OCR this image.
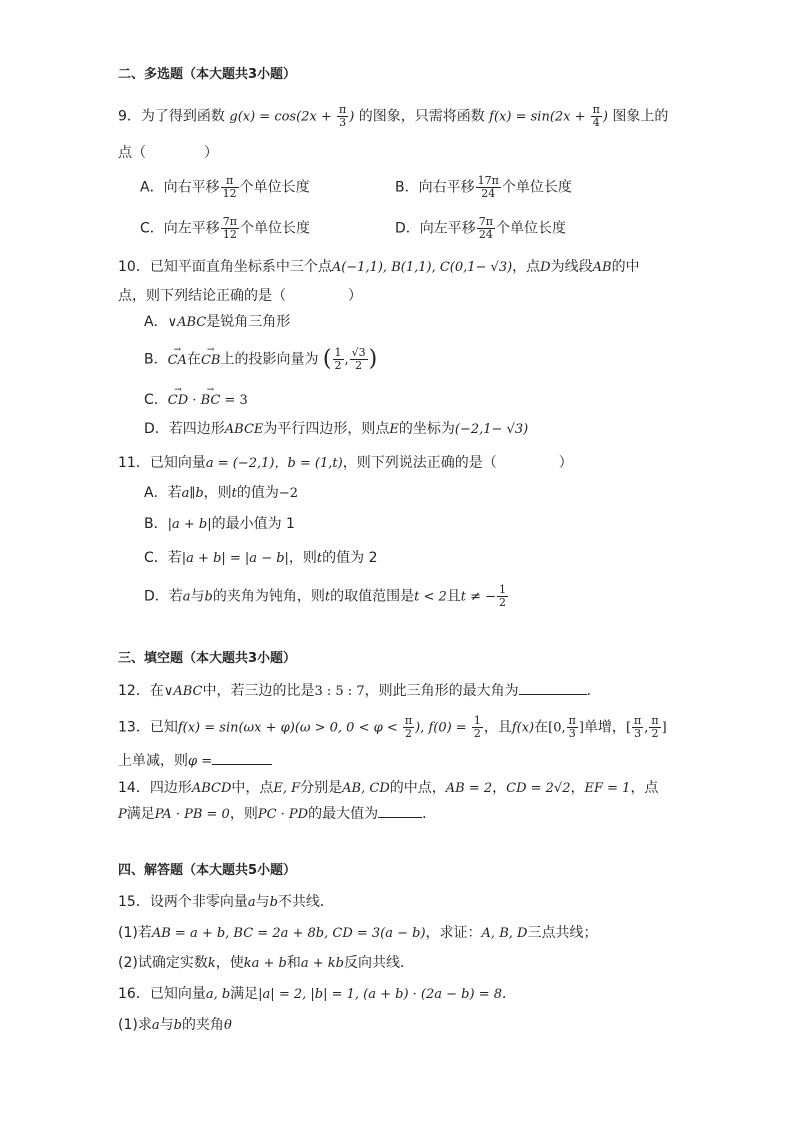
二、多选题（本大题共3小题）
9．为了得到函数 $g(x) = \cos(2x + \frac{\pi}{3}$ ) 的图象，只需将函数 $f(x) = \sin(2x + \frac{\pi}{4}$ ) 图象上的
点（	）
A．向右平移 $\frac{\pi}{12}$ 个单位长度	B．向右平移 $\frac{17\pi}{24}$ 个单位长度
C．向左平移 $\frac{7\pi}{12}$ 个单位长度	D．向左平移 $\frac{7\pi}{24}$ 个单位长度
10．已知平面直角坐标系中三个点A(−1,1), B(1,1), C(0,1− √3)，点D为线段AB的中
点，则下列结论正确的是（	）
A．∨ABC是锐角三角形
B．→ CA在→ CB上的投影向量为 ( $\frac{1}{2}$ , $\frac{√3}{2}$ )
C．→ CD · → BC = 3
D．若四边形ABCE为平行四边形，则点E的坐标为(−2,1− √3)
11．已知向量a = (−2,1)，b = (1,t)，则下列说法正确的是（	）
A．若a∥b，则t的值为−2
B．|a + b|的最小值为 1
C．若|a + b| = |a − b|，则t的值为 2
D．若a与b的夹角为钝角，则t的取值范围是t < 2且t ≠ − $\frac{1}{2}$
三、填空题（本大题共3小题）
12．在∨ABC中，若三边的比是3 : 5 : 7，则此三角形的最大角为	.
13．已知f(x) = sin(ωx + φ)(ω > 0, $0 < \varphi < \frac{\pi}{2}$ ), $f(0) = \frac{1}{2}$ ，且f(x)在[0, $\frac{\pi}{3}$ ]单增，[ $\frac{\pi}{3}$ , $\frac{\pi}{2}$ ]
上单减，则φ =
14．四边形ABCD中，点E, F分别是AB, CD的中点，AB = 2，CD = 2√2，EF = 1，点
P满足PA · PB = 0，则PC · PD的最大值为	.
四、解答题（本大题共5小题）
15．设两个非零向量a与b不共线．
(1)若AB = a + b, BC = 2a + 8b, CD = 3(a − b)，求证：A, B, D三点共线；
(2)试确定实数k，使ka + b和a + kb反向共线．
16．已知向量a, b满足|a| = 2, |b| = 1, (a + b) · (2a − b) = 8．
(1)求a与b的夹角θ
